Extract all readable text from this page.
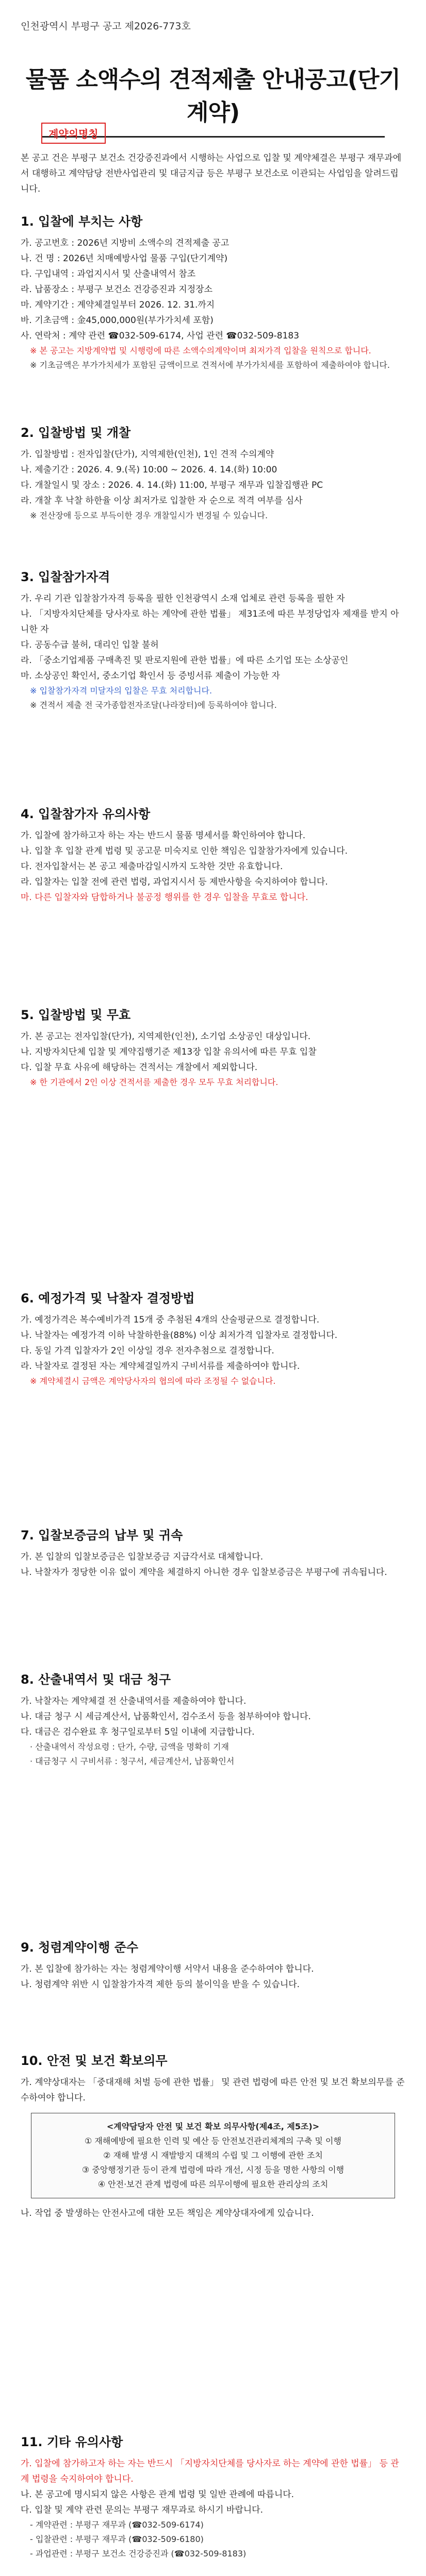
인천광역시 부평구 공고 제2026-773호
물품 소액수의 견적제출 안내공고(단기계약)
계약의명칭
본 공고 건은 부평구 보건소 건강증진과에서 시행하는 사업으로 입찰 및 계약체결은 부평구 재무과에서 대행하고 계약담당 전반사업관리 및 대금지급 등은 부평구 보건소로 이관되는 사업임을 알려드립니다.
1. 입찰에 부치는 사항

가. 공고번호 : 2026년 지방비 소액수의 견적제출 공고

나. 건 명 : 2026년 치매예방사업 물품 구입(단기계약)

다. 구입내역 : 과업지시서 및 산출내역서 참조

라. 납품장소 : 부평구 보건소 건강증진과 지정장소

마. 계약기간 : 계약체결일부터 2026. 12. 31.까지

바. 기초금액 : 金45,000,000원(부가가치세 포함)

사. 연락처 : 계약 관련 ☎032-509-6174, 사업 관련 ☎032-509-8183

※ 본 공고는 지방계약법 및 시행령에 따른 소액수의계약이며 최저가격 입찰을 원칙으로 합니다.

※ 기초금액은 부가가치세가 포함된 금액이므로 견적서에 부가가치세를 포함하여 제출하여야 합니다.

2. 입찰방법 및 개찰

가. 입찰방법 : 전자입찰(단가), 지역제한(인천), 1인 견적 수의계약

나. 제출기간 : 2026. 4. 9.(목) 10:00 ~ 2026. 4. 14.(화) 10:00

다. 개찰일시 및 장소 : 2026. 4. 14.(화) 11:00, 부평구 재무과 입찰집행관 PC

라. 개찰 후 낙찰 하한율 이상 최저가로 입찰한 자 순으로 적격 여부를 심사

※ 전산장애 등으로 부득이한 경우 개찰일시가 변경될 수 있습니다.

3. 입찰참가자격

가. 우리 기관 입찰참가자격 등록을 필한 인천광역시 소재 업체로 관련 등록을 필한 자

나. 「지방자치단체를 당사자로 하는 계약에 관한 법률」 제31조에 따른 부정당업자 제재를 받지 아니한 자

다. 공동수급 불허, 대리인 입찰 불허

라. 「중소기업제품 구매촉진 및 판로지원에 관한 법률」에 따른 소기업 또는 소상공인

마. 소상공인 확인서, 중소기업 확인서 등 증빙서류 제출이 가능한 자

※ 입찰참가자격 미달자의 입찰은 무효 처리합니다.

※ 견적서 제출 전 국가종합전자조달(나라장터)에 등록하여야 합니다.

4. 입찰참가자 유의사항

가. 입찰에 참가하고자 하는 자는 반드시 물품 명세서를 확인하여야 합니다.

나. 입찰 후 입찰 관계 법령 및 공고문 미숙지로 인한 책임은 입찰참가자에게 있습니다.

다. 전자입찰서는 본 공고 제출마감일시까지 도착한 것만 유효합니다.

라. 입찰자는 입찰 전에 관련 법령, 과업지시서 등 제반사항을 숙지하여야 합니다.

마. 다른 입찰자와 담합하거나 불공정 행위를 한 경우 입찰을 무효로 합니다.

5. 입찰방법 및 무효

가. 본 공고는 전자입찰(단가), 지역제한(인천), 소기업 소상공인 대상입니다.

나. 지방자치단체 입찰 및 계약집행기준 제13장 입찰 유의서에 따른 무효 입찰

다. 입찰 무효 사유에 해당하는 견적서는 개찰에서 제외합니다.

※ 한 기관에서 2인 이상 견적서를 제출한 경우 모두 무효 처리합니다.

6. 예정가격 및 낙찰자 결정방법

가. 예정가격은 복수예비가격 15개 중 추첨된 4개의 산술평균으로 결정합니다.

나. 낙찰자는 예정가격 이하 낙찰하한율(88%) 이상 최저가격 입찰자로 결정합니다.

다. 동일 가격 입찰자가 2인 이상일 경우 전자추첨으로 결정합니다.

라. 낙찰자로 결정된 자는 계약체결일까지 구비서류를 제출하여야 합니다.

※ 계약체결시 금액은 계약당사자의 협의에 따라 조정될 수 없습니다.

7. 입찰보증금의 납부 및 귀속

가. 본 입찰의 입찰보증금은 입찰보증금 지급각서로 대체합니다.

나. 낙찰자가 정당한 이유 없이 계약을 체결하지 아니한 경우 입찰보증금은 부평구에 귀속됩니다.

8. 산출내역서 및 대금 청구

가. 낙찰자는 계약체결 전 산출내역서를 제출하여야 합니다.

나. 대금 청구 시 세금계산서, 납품확인서, 검수조서 등을 첨부하여야 합니다.

다. 대금은 검수완료 후 청구일로부터 5일 이내에 지급합니다.

· 산출내역서 작성요령 : 단가, 수량, 금액을 명확히 기재

· 대금청구 시 구비서류 : 청구서, 세금계산서, 납품확인서

9. 청렴계약이행 준수

가. 본 입찰에 참가하는 자는 청렴계약이행 서약서 내용을 준수하여야 합니다.

나. 청렴계약 위반 시 입찰참가자격 제한 등의 불이익을 받을 수 있습니다.

10. 안전 및 보건 확보의무

가. 계약상대자는 「중대재해 처벌 등에 관한 법률」 및 관련 법령에 따른 안전 및 보건 확보의무를 준수하여야 합니다.

<계약담당자 안전 및 보건 확보 의무사항(제4조, 제5조)>

① 재해예방에 필요한 인력 및 예산 등 안전보건관리체계의 구축 및 이행

② 재해 발생 시 재발방지 대책의 수립 및 그 이행에 관한 조치

③ 중앙행정기관 등이 관계 법령에 따라 개선, 시정 등을 명한 사항의 이행

④ 안전·보건 관계 법령에 따른 의무이행에 필요한 관리상의 조치

나. 작업 중 발생하는 안전사고에 대한 모든 책임은 계약상대자에게 있습니다.

11. 기타 유의사항

가. 입찰에 참가하고자 하는 자는 반드시 「지방자치단체를 당사자로 하는 계약에 관한 법률」 등 관계 법령을 숙지하여야 합니다.

나. 본 공고에 명시되지 않은 사항은 관계 법령 및 일반 관례에 따릅니다.

다. 입찰 및 계약 관련 문의는 부평구 재무과로 하시기 바랍니다.

- 계약관련 : 부평구 재무과 (☎032-509-6174)

- 입찰관련 : 부평구 재무과 (☎032-509-6180)

- 과업관련 : 부평구 보건소 건강증진과 (☎032-509-8183)
